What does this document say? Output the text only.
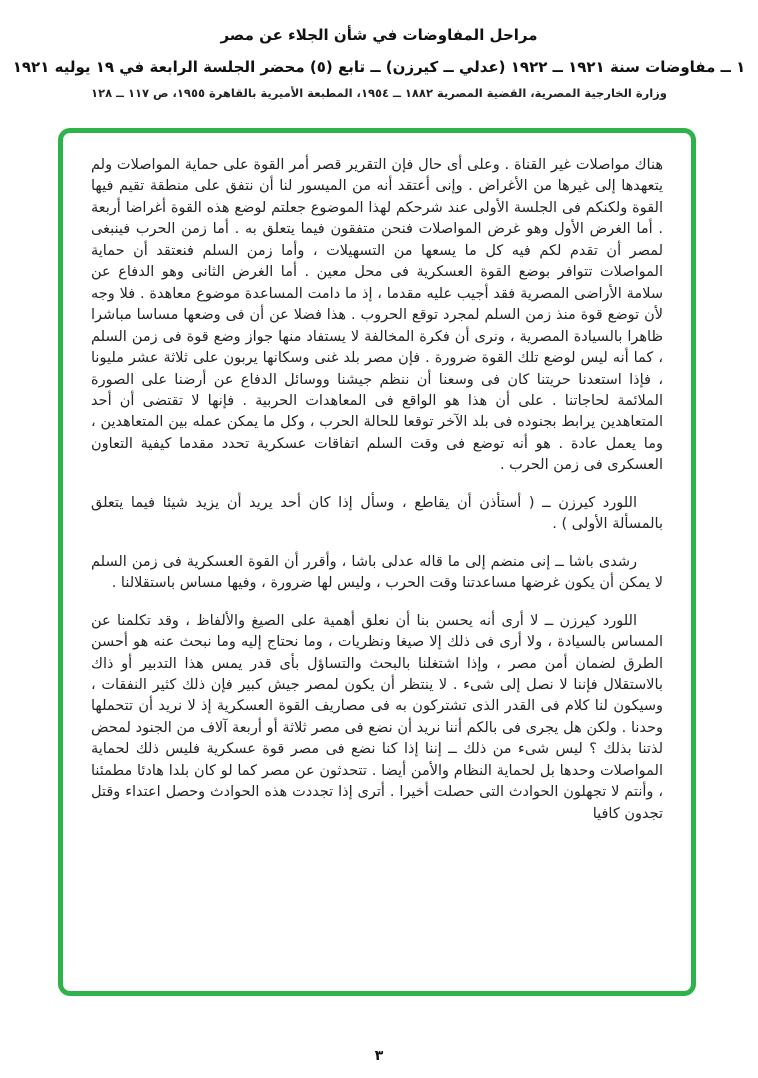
مراحل المفاوضات في شأن الجلاء عن مصر
١ ــ مفاوضات سنة ١٩٢١ ــ ١٩٢٢ (عدلي ــ كيرزن) ــ تابع (٥) محضر الجلسة الرابعة في ١٩ يوليه ١٩٢١
وزارة الخارجية المصرية، القضية المصرية ١٨٨٢ ــ ١٩٥٤، المطبعة الأميرية بالقاهرة ١٩٥٥، ص ١١٧ ــ ١٢٨

هناك مواصلات غير القناة . وعلى أى حال فإن التقرير قصر أمر القوة على حماية المواصلات ولم يتعهدها إلى غيرها من الأغراض . وإنى أعتقد أنه من الميسور لنا أن نتفق على منطقة تقيم فيها القوة ولكنكم فى الجلسة الأولى عند شرحكم لهذا الموضوع جعلتم لوضع هذه القوة أغراضا أربعة . أما الغرض الأول وهو غرض المواصلات فنحن متفقون فيما يتعلق به . أما زمن الحرب فينبغى لمصر أن تقدم لكم فيه كل ما يسعها من التسهيلات ، وأما زمن السلم فنعتقد أن حماية المواصلات تتوافر بوضع القوة العسكرية فى محل معين . أما الغرض الثانى وهو الدفاع عن سلامة الأراضى المصرية فقد أجيب عليه مقدما ، إذ ما دامت المساعدة موضوع معاهدة . فلا وجه لأن توضع قوة منذ زمن السلم لمجرد توقع الحروب . هذا فضلا عن أن فى وضعها مساسا مباشرا ظاهرا بالسيادة المصرية ، ونرى أن فكرة المخالفة لا يستفاد منها جواز وضع قوة فى زمن السلم ، كما أنه ليس لوضع تلك القوة ضرورة . فإن مصر بلد غنى وسكانها يربون على ثلاثة عشر مليونا ، فإذا استعدنا حريتنا كان فى وسعنا أن ننظم جيشنا ووسائل الدفاع عن أرضنا على الصورة الملائمة لحاجاتنا . على أن هذا هو الواقع فى المعاهدات الحربية . فإنها لا تقتضى أن أحد المتعاهدين يرابط بجنوده فى بلد الآخر توقعا للحالة الحرب ، وكل ما يمكن عمله بين المتعاهدين ، وما يعمل عادة . هو أنه توضع فى وقت السلم اتفاقات عسكرية تحدد مقدما كيفية التعاون العسكرى فى زمن الحرب .

اللورد كيرزن ــ ( أستأذن أن يقاطع ، وسأل إذا كان أحد يريد أن يزيد شيئا فيما يتعلق بالمسألة الأولى ) .

رشدى باشا ــ إنى منضم إلى ما قاله عدلى باشا ، وأقرر أن القوة العسكرية فى زمن السلم لا يمكن أن يكون غرضها مساعدتنا وقت الحرب ، وليس لها ضرورة ، وفيها مساس باستقلالنا .

اللورد كيرزن ــ لا أرى أنه يحسن بنا أن نعلق أهمية على الصيغ والألفاظ ، وقد تكلمنا عن المساس بالسيادة ، ولا أرى فى ذلك إلا صيغا ونظريات ، وما نحتاج إليه وما نبحث عنه هو أحسن الطرق لضمان أمن مصر ، وإذا اشتغلنا بالبحث والتساؤل بأى قدر يمس هذا التدبير أو ذاك بالاستقلال فإننا لا نصل إلى شىء . لا ينتظر أن يكون لمصر جيش كبير فإن ذلك كثير النفقات ، وسيكون لنا كلام فى القدر الذى تشتركون به فى مصاريف القوة العسكرية إذ لا نريد أن تتحملها وحدنا . ولكن هل يجرى فى بالكم أننا نريد أن نضع فى مصر ثلاثة أو أربعة آلاف من الجنود لمحض لذتنا بذلك ؟ ليس شىء من ذلك ــ إننا إذا كنا نضع فى مصر قوة عسكرية فليس ذلك لحماية المواصلات وحدها بل لحماية النظام والأمن أيضا . تتحدثون عن مصر كما لو كان بلدا هادئا مطمئنا ، وأنتم لا تجهلون الحوادث التى حصلت أخيرا . أترى إذا تجددت هذه الحوادث وحصل اعتداء وقتل تجدون كافيا

٣
